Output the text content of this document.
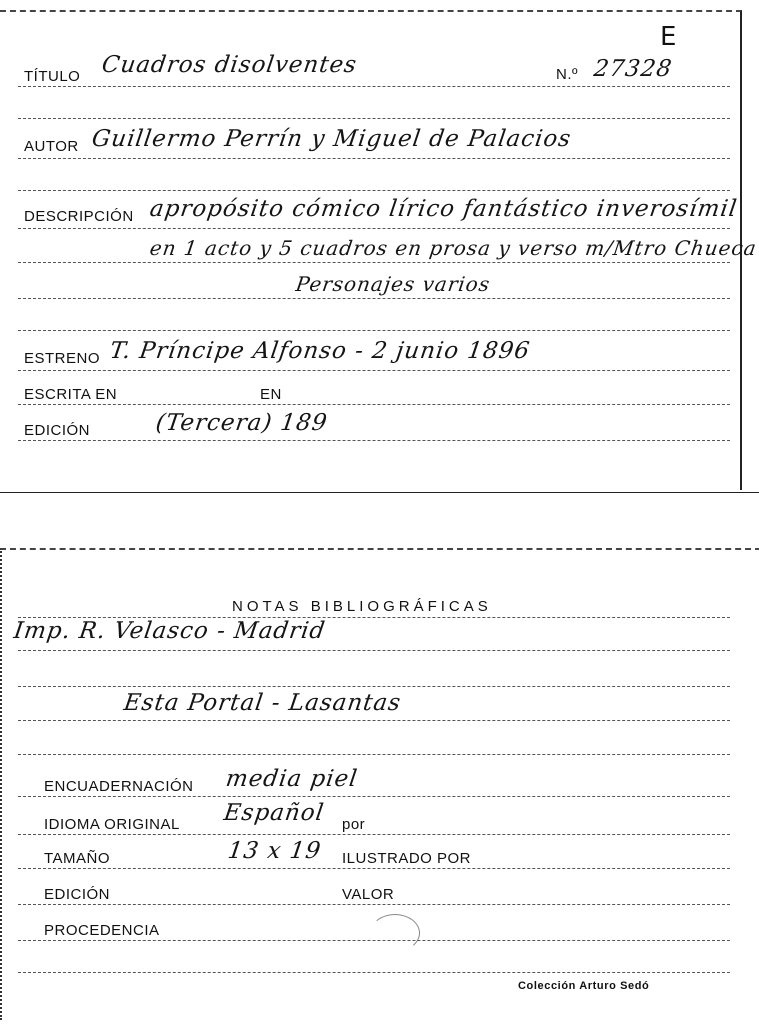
E
TÍTULO Cuadros disolventes	N.º 27328
AUTOR Guillermo Perrín y Miguel de Palacios
DESCRIPCIÓN apropósito cómico lírico fantástico inverosímil
en 1 acto y 5 cuadros en prosa y verso m/Mtro Chueca
Personajes varios
ESTRENO T. Príncipe Alfonso - 2 junio 1896
ESCRITA EN	EN
EDICIÓN	(Tercera) 189
NOTAS BIBLIOGRÁFICAS
Imp. R. Velasco - Madrid
Esta Portal - Lasantas
ENCUADERNACIÓN media piel
IDIOMA ORIGINAL Español por
TAMAÑO	13 x 19 ILUSTRADO POR
EDICIÓN	VALOR
PROCEDENCIA
Colección Arturo Sedó
